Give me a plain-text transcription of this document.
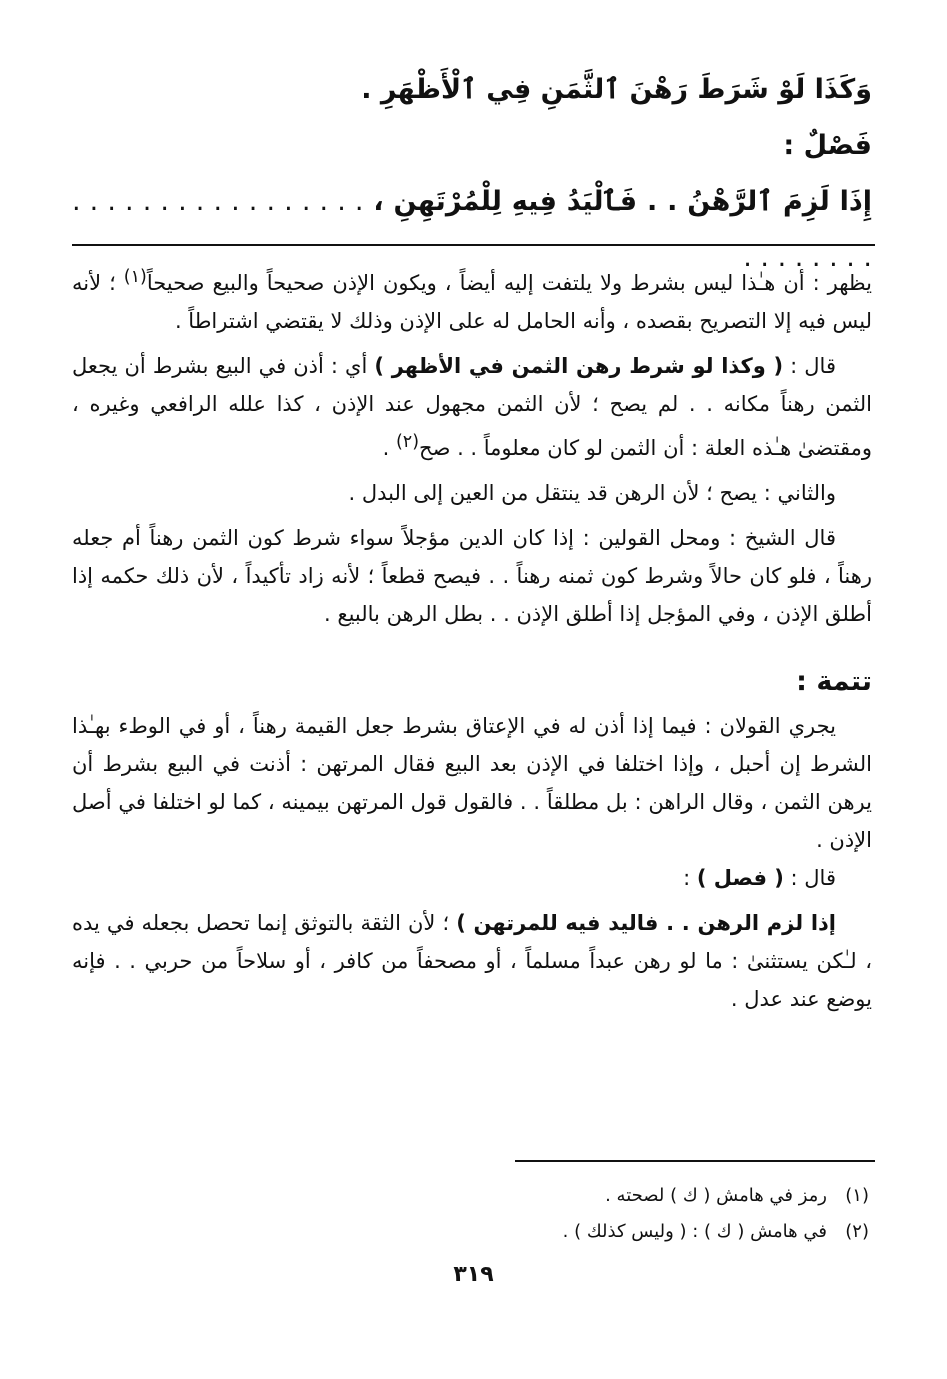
وَكَذَا لَوْ شَرَطَ رَهْنَ ٱلثَّمَنِ فِي ٱلْأَظْهَرِ .
فَصْلٌ :
إِذَا لَزِمَ ٱلرَّهْنُ . . فَٱلْيَدُ فِيهِ لِلْمُرْتَهِنِ ، . . . . . . . . . . . . . . . . . . . . . . . . .

يظهر : أن هـٰذا ليس بشرط ولا يلتفت إليه أيضاً ، ويكون الإذن صحيحاً والبيع صحيحاً$^{(١)}$ ؛ لأنه ليس فيه إلا التصريح بقصده ، وأنه الحامل له على الإذن وذلك لا يقتضي اشتراطاً .

قال : ( وكذا لو شرط رهن الثمن في الأظهر ) أي : أذن في البيع بشرط أن يجعل الثمن رهناً مكانه . . لم يصح ؛ لأن الثمن مجهول عند الإذن ، كذا علله الرافعي وغيره ، ومقتضىٰ هـٰذه العلة : أن الثمن لو كان معلوماً . . صح$^{(٢)}$ .

والثاني : يصح ؛ لأن الرهن قد ينتقل من العين إلى البدل .

قال الشيخ : ومحل القولين : إذا كان الدين مؤجلاً سواء شرط كون الثمن رهناً أم جعله رهناً ، فلو كان حالاً وشرط كون ثمنه رهناً . . فيصح قطعاً ؛ لأنه زاد تأكيداً ، لأن ذلك حكمه إذا أطلق الإذن ، وفي المؤجل إذا أطلق الإذن . . بطل الرهن بالبيع .

تتمة :

يجري القولان : فيما إذا أذن له في الإعتاق بشرط جعل القيمة رهناً ، أو في الوطء بهـٰذا الشرط إن أحبل ، وإذا اختلفا في الإذن بعد البيع فقال المرتهن : أذنت في البيع بشرط أن يرهن الثمن ، وقال الراهن : بل مطلقاً . . فالقول قول المرتهن بيمينه ، كما لو اختلفا في أصل الإذن .

قال : ( فصل ) :

إذا لزم الرهن . . فاليد فيه للمرتهن ) ؛ لأن الثقة بالتوثق إنما تحصل بجعله في يده ، لـٰكن يستثنىٰ : ما لو رهن عبداً مسلماً ، أو مصحفاً من كافر ، أو سلاحاً من حربي . . فإنه يوضع عند عدل .

(١)
رمز في هامش ( ك ) لصحته .
(٢)
في هامش ( ك ) : ( وليس كذلك ) .
٣١٩
